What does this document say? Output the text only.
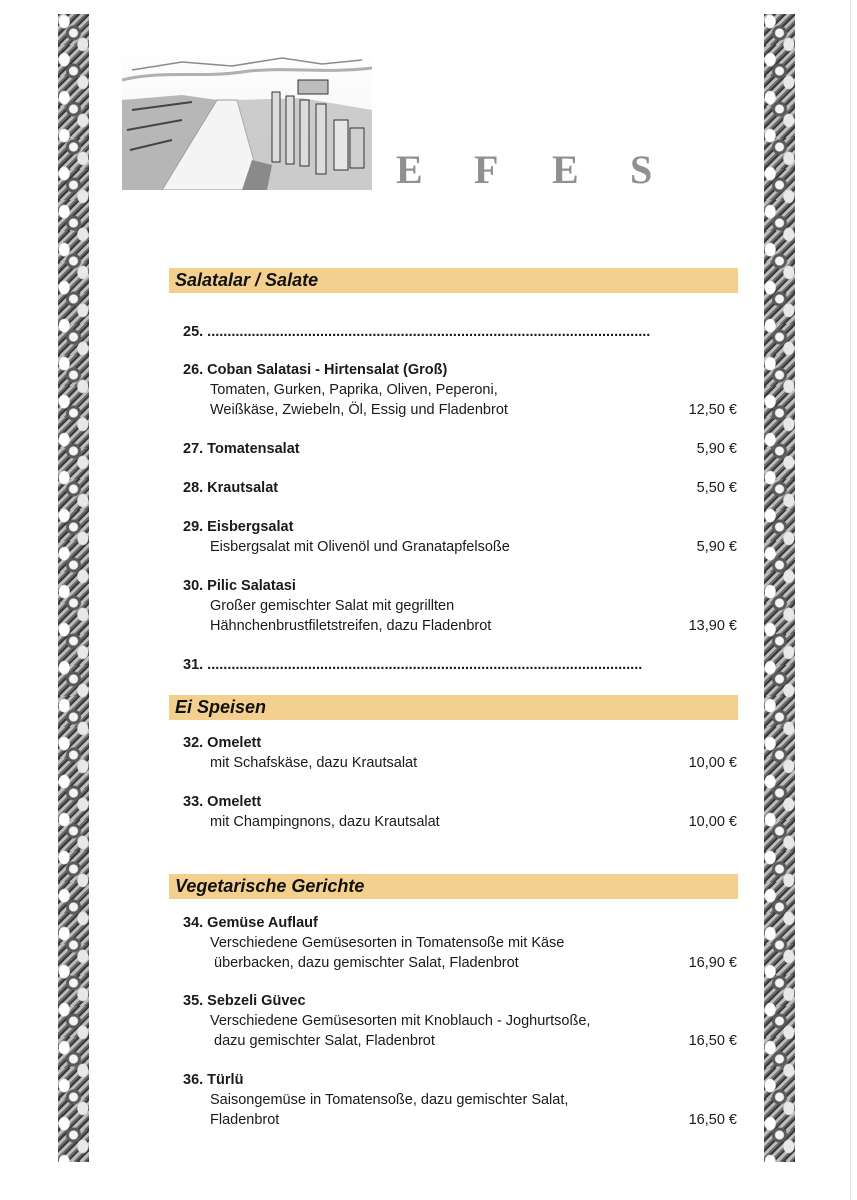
E F E S
Salatalar / Salate
25. ..............................................................................................................
26. Coban Salatasi - Hirtensalat (Groß)
Tomaten, Gurken, Paprika, Oliven, Peperoni,
Weißkäse, Zwiebeln, Öl, Essig und Fladenbrot	12,50 €
27. Tomatensalat	5,90 €
28. Krautsalat	5,50 €
29. Eisbergsalat
Eisbergsalat mit Olivenöl und Granatapfelsoße	5,90 €
30. Pilic Salatasi
Großer gemischter Salat mit gegrillten
Hähnchenbrustfiletstreifen, dazu Fladenbrot	13,90 €
31. ............................................................................................................
Ei Speisen
32. Omelett
mit Schafskäse, dazu Krautsalat	10,00 €
33. Omelett
mit Champingnons, dazu Krautsalat	10,00 €
Vegetarische Gerichte
34. Gemüse Auflauf
Verschiedene Gemüsesorten in Tomatensoße mit Käse
überbacken, dazu gemischter Salat, Fladenbrot	16,90 €
35. Sebzeli Güvec
Verschiedene Gemüsesorten mit Knoblauch - Joghurtsoße,
dazu gemischter Salat, Fladenbrot	16,50 €
36. Türlü
Saisongemüse in Tomatensoße, dazu gemischter Salat,
Fladenbrot	16,50 €
